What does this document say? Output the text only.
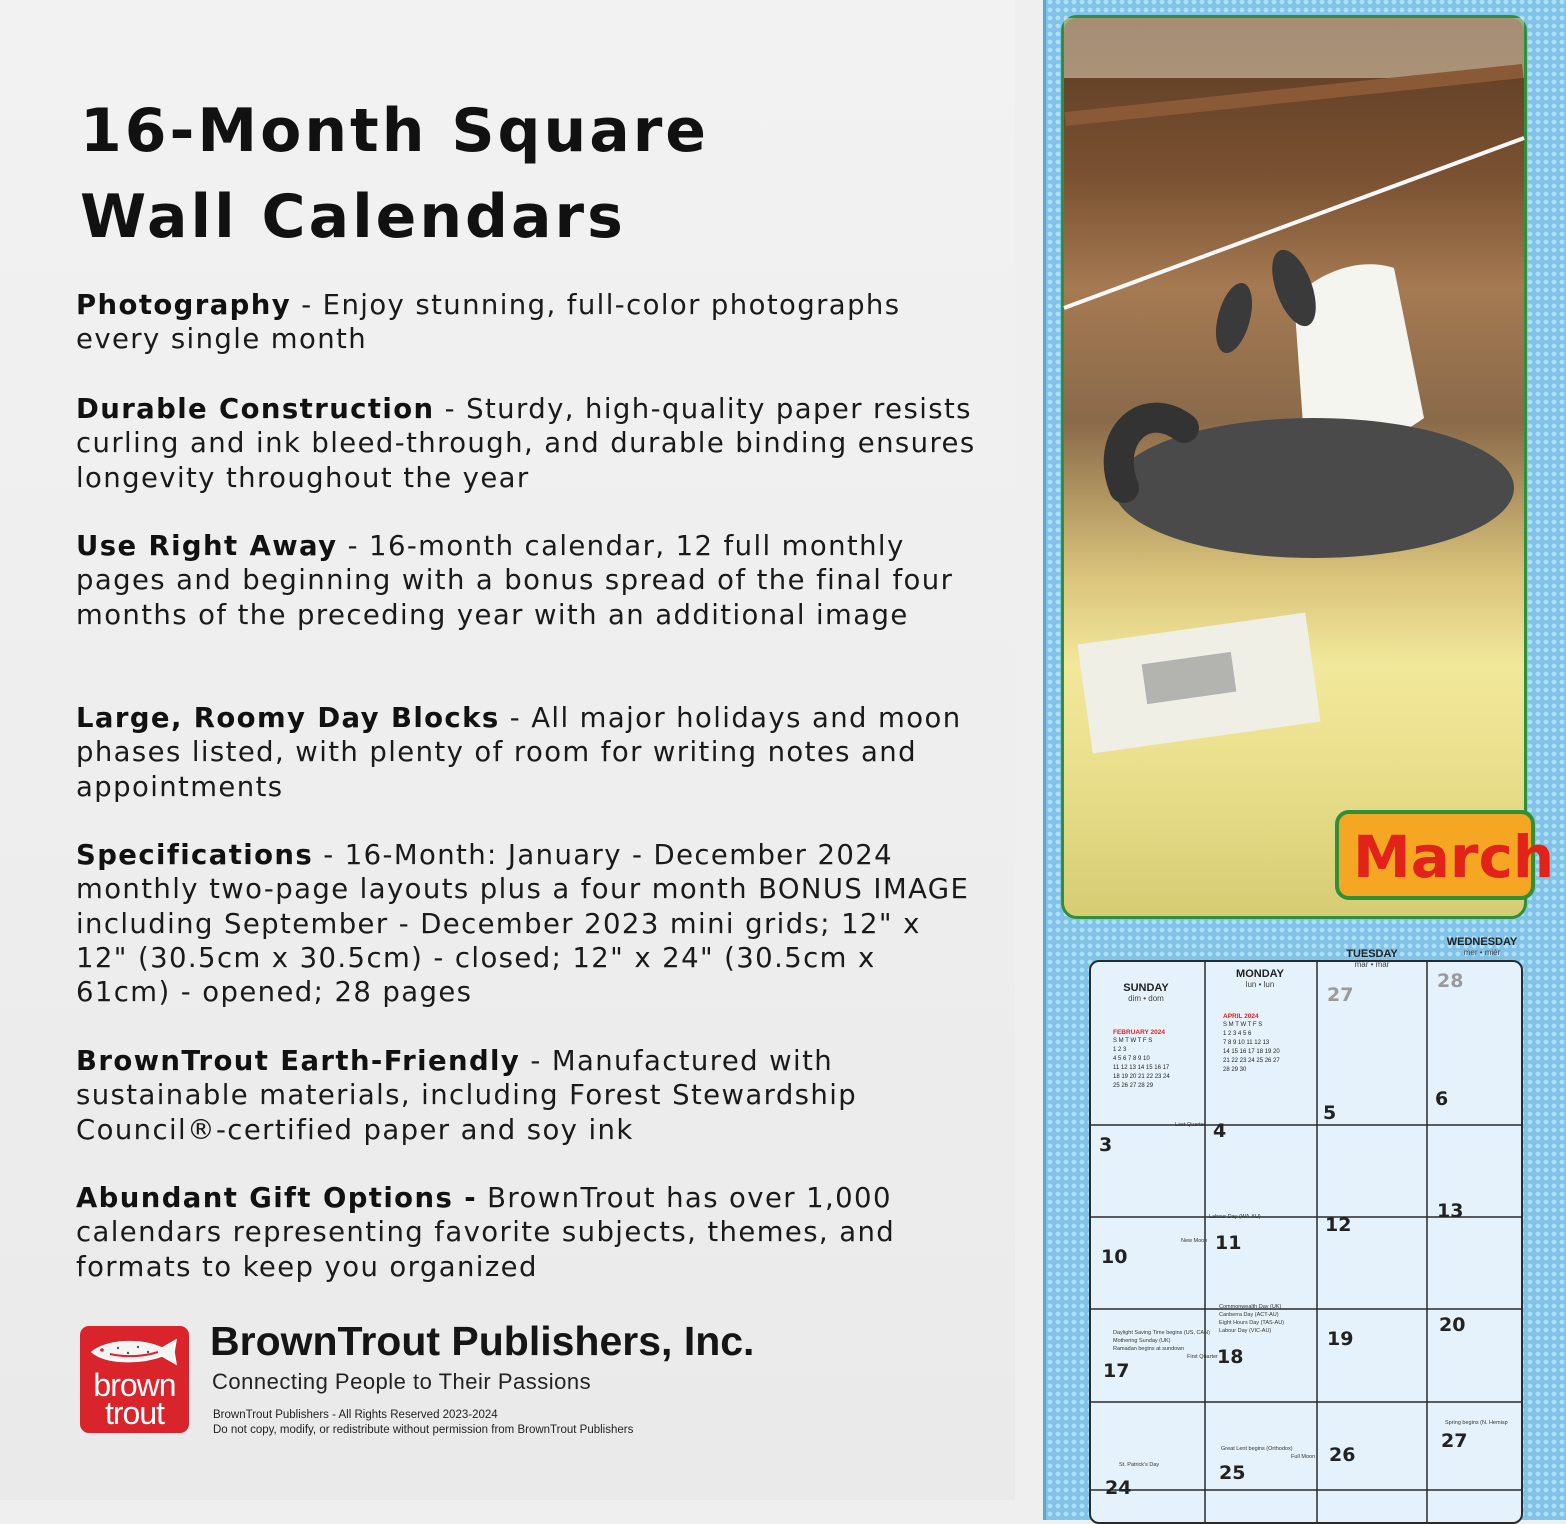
16-Month Square
Wall Calendars

Photography - Enjoy stunning, full-color photographs every single month

Durable Construction - Sturdy, high-quality paper resists curling and ink bleed-through, and durable binding ensures longevity throughout the year

Use Right Away - 16-month calendar, 12 full monthly pages and beginning with a bonus spread of the final four months of the preceding year with an additional image

Large, Roomy Day Blocks - All major holidays and moon phases listed, with plenty of room for writing notes and appointments

Specifications - 16-Month: January - December 2024 monthly two-page layouts plus a four month BONUS IMAGE including September - December 2023 mini grids; 12" x 12" (30.5cm x 30.5cm) - closed; 12" x 24" (30.5cm x 61cm) - opened; 28 pages

BrownTrout Earth-Friendly - Manufactured with sustainable materials, including Forest Stewardship Council®-certified paper and soy ink

Abundant Gift Options - BrownTrout has over 1,000 calendars representing favorite subjects, themes, and formats to keep you organized

brown
trout
BrownTrout Publishers, Inc.
Connecting People to Their Passions
BrownTrout Publishers - All Rights Reserved 2023-2024
Do not copy, modify, or redistribute without permission from BrownTrout Publishers
March
SUNDAY
dim • dom
MONDAY
lun • lun
TUESDAY
mar • mar
WEDNESDAY
mer • miér
FEBRUARY 2024
S M T W T F S
1 2 3
4 5 6 7 8 9 10
11 12 13 14 15 16 17
18 19 20 21 22 23 24
25 26 27 28 29
APRIL 2024
S M T W T F S
1 2 3 4 5 6
7 8 9 10 11 12 13
14 15 16 17 18 19 20
21 22 23 24 25 26 27
28 29 30
27
28
3
4
5
6
10
11
12
13
17
18
19
20
24
25
26
27
Last Quarter
Labour Day (WA-AU)
New Moon
Daylight Saving Time begins (US, CAN)
Mothering Sunday (UK)
Ramadan begins at sundown
Commonwealth Day (UK)
Canberra Day (ACT-AU)
Eight Hours Day (TAS-AU)
Labour Day (VIC-AU)
First Quarter
St. Patrick's Day
Great Lent begins (Orthodox)
Full Moon
Spring begins (N. Hemisp
